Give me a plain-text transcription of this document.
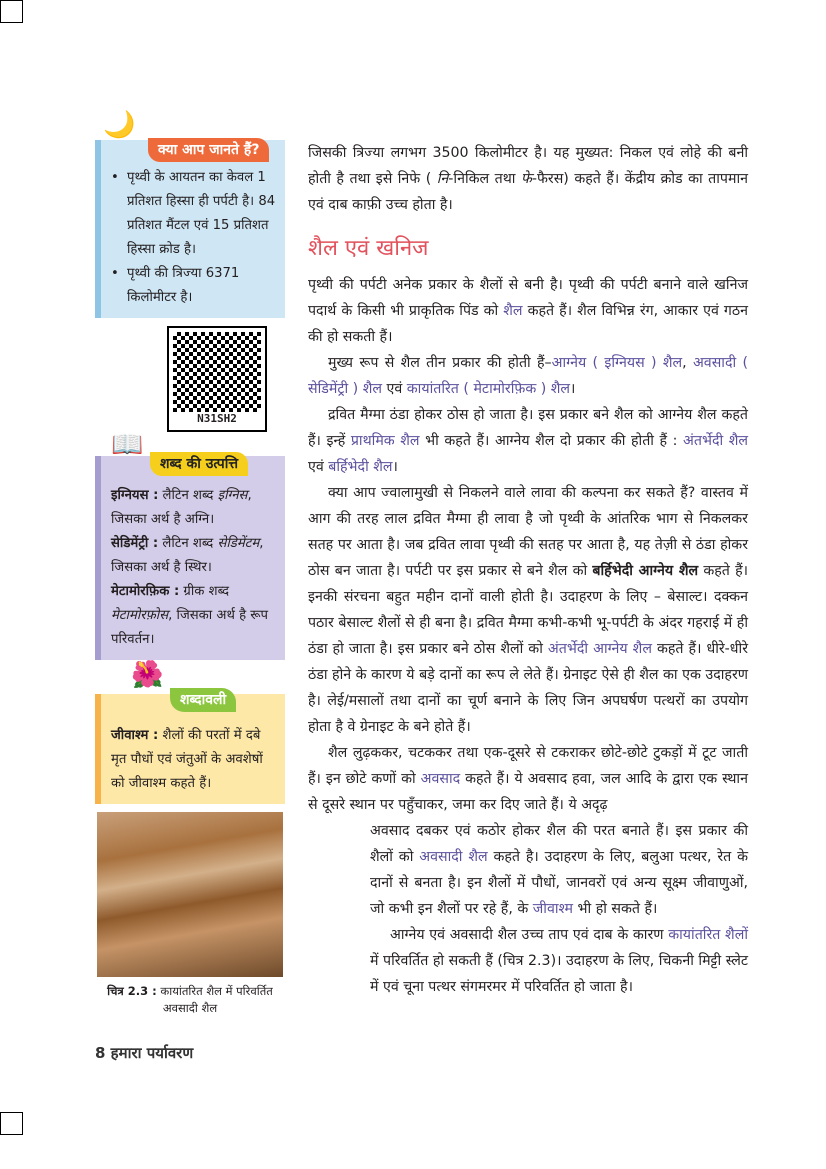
🌙
क्या आप जानते हैं?
• पृथ्वी के आयतन का केवल 1 प्रतिशत हिस्सा ही पर्पटी है। 84 प्रतिशत मैंटल एवं 15 प्रतिशत हिस्सा क्रोड है।
• पृथ्वी की त्रिज्या 6371 किलोमीटर है।
N31SH2
📖
शब्द की उत्पत्ति
इग्नियस : लैटिन शब्द इग्निस, जिसका अर्थ है अग्नि।
सेडिमेंट्री : लैटिन शब्द सेडिमेंटम, जिसका अर्थ है स्थिर।
मेटामोरफ़िक : ग्रीक शब्द मेटामोरफ़ोस, जिसका अर्थ है रूप परिवर्तन।
🌺
शब्दावली
जीवाश्म : शैलों की परतों में दबे मृत पौधों एवं जंतुओं के अवशेषों को जीवाश्म कहते हैं।
चित्र 2.3 : कायांतरित शैल में परिवर्तित अवसादी शैल
8 हमारा पर्यावरण

जिसकी त्रिज्या लगभग 3500 किलोमीटर है। यह मुख्यत: निकल एवं लोहे की बनी होती है तथा इसे निफे ( नि-निकिल तथा फे-फैरस) कहते हैं। केंद्रीय क्रोड का तापमान एवं दाब काफ़ी उच्च होता है।

शैल एवं खनिज

पृथ्वी की पर्पटी अनेक प्रकार के शैलों से बनी है। पृथ्वी की पर्पटी बनाने वाले खनिज पदार्थ के किसी भी प्राकृतिक पिंड को शैल कहते हैं। शैल विभिन्न रंग, आकार एवं गठन की हो सकती हैं।

मुख्य रूप से शैल तीन प्रकार की होती हैं–आग्नेय ( इग्नियस ) शैल, अवसादी ( सेडिमेंट्री ) शैल एवं कायांतरित ( मेटामोरफ़िक ) शैल।

द्रवित मैग्मा ठंडा होकर ठोस हो जाता है। इस प्रकार बने शैल को आग्नेय शैल कहते हैं। इन्हें प्राथमिक शैल भी कहते हैं। आग्नेय शैल दो प्रकार की होती हैं : अंतर्भेदी शैल एवं बर्हिभेदी शैल।

क्या आप ज्वालामुखी से निकलने वाले लावा की कल्पना कर सकते हैं? वास्तव में आग की तरह लाल द्रवित मैग्मा ही लावा है जो पृथ्वी के आंतरिक भाग से निकलकर सतह पर आता है। जब द्रवित लावा पृथ्वी की सतह पर आता है, यह तेज़ी से ठंडा होकर ठोस बन जाता है। पर्पटी पर इस प्रकार से बने शैल को बर्हिभेदी आग्नेय शैल कहते हैं। इनकी संरचना बहुत महीन दानों वाली होती है। उदाहरण के लिए – बेसाल्ट। दक्कन पठार बेसाल्ट शैलों से ही बना है। द्रवित मैग्मा कभी-कभी भू-पर्पटी के अंदर गहराई में ही ठंडा हो जाता है। इस प्रकार बने ठोस शैलों को अंतर्भेदी आग्नेय शैल कहते हैं। धीरे-धीरे ठंडा होने के कारण ये बड़े दानों का रूप ले लेते हैं। ग्रेनाइट ऐसे ही शैल का एक उदाहरण है। लेई/मसालों तथा दानों का चूर्ण बनाने के लिए जिन अपघर्षण पत्थरों का उपयोग होता है वे ग्रेनाइट के बने होते हैं।

शैल लुढ़ककर, चटककर तथा एक-दूसरे से टकराकर छोटे-छोटे टुकड़ों में टूट जाती हैं। इन छोटे कणों को अवसाद कहते हैं। ये अवसाद हवा, जल आदि के द्वारा एक स्थान से दूसरे स्थान पर पहुँचाकर, जमा कर दिए जाते हैं। ये अदृढ़

अवसाद दबकर एवं कठोर होकर शैल की परत बनाते हैं। इस प्रकार की शैलों को अवसादी शैल कहते है। उदाहरण के लिए, बलुआ पत्थर, रेत के दानों से बनता है। इन शैलों में पौधों, जानवरों एवं अन्य सूक्ष्म जीवाणुओं, जो कभी इन शैलों पर रहे हैं, के जीवाश्म भी हो सकते हैं।

आग्नेय एवं अवसादी शैल उच्च ताप एवं दाब के कारण कायांतरित शैलों में परिवर्तित हो सकती हैं (चित्र 2.3)। उदाहरण के लिए, चिकनी मिट्टी स्लेट में एवं चूना पत्थर संगमरमर में परिवर्तित हो जाता है।
